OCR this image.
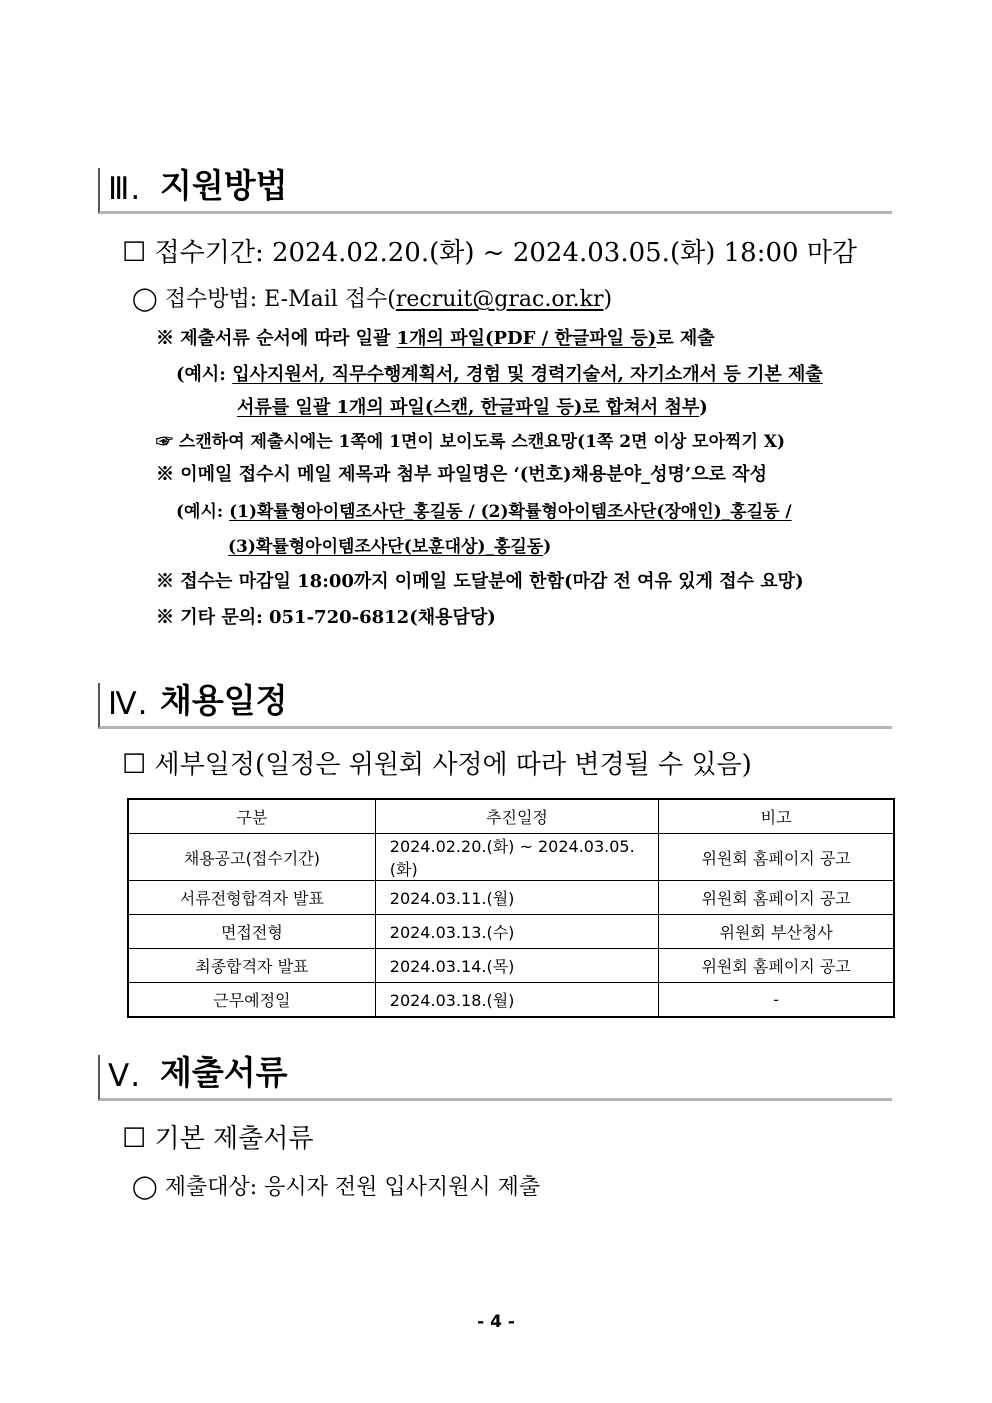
Ⅲ. 지원방법
☐ 접수기간: 2024.02.20.(화) ~ 2024.03.05.(화) 18:00 마감
◯ 접수방법: E-Mail 접수(recruit@grac.or.kr)
※ 제출서류 순서에 따라 일괄 1개의 파일(PDF / 한글파일 등)로 제출
(예시: 입사지원서, 직무수행계획서, 경험 및 경력기술서, 자기소개서 등 기본 제출
서류를 일괄 1개의 파일(스캔, 한글파일 등)로 합쳐서 첨부)
☞ 스캔하여 제출시에는 1쪽에 1면이 보이도록 스캔요망(1쪽 2면 이상 모아찍기 X)
※ 이메일 접수시 메일 제목과 첨부 파일명은 ‘(번호)채용분야_성명’으로 작성
(예시: (1)확률형아이템조사단_홍길동 / (2)확률형아이템조사단(장애인)_홍길동 /
(3)확률형아이템조사단(보훈대상)_홍길동)
※ 접수는 마감일 18:00까지 이메일 도달분에 한함(마감 전 여유 있게 접수 요망)
※ 기타 문의: 051-720-6812(채용담당)
Ⅳ. 채용일정
☐ 세부일정(일정은 위원회 사정에 따라 변경될 수 있음)
구분	추진일정	비고
채용공고(접수기간)	2024.02.20.(화) ~ 2024.03.05.(화)	위원회 홈페이지 공고
서류전형합격자 발표	2024.03.11.(월)	위원회 홈페이지 공고
면접전형	2024.03.13.(수)	위원회 부산청사
최종합격자 발표	2024.03.14.(목)	위원회 홈페이지 공고
근무예정일	2024.03.18.(월)	-
Ⅴ. 제출서류
☐ 기본 제출서류
◯ 제출대상: 응시자 전원 입사지원시 제출
- 4 -
